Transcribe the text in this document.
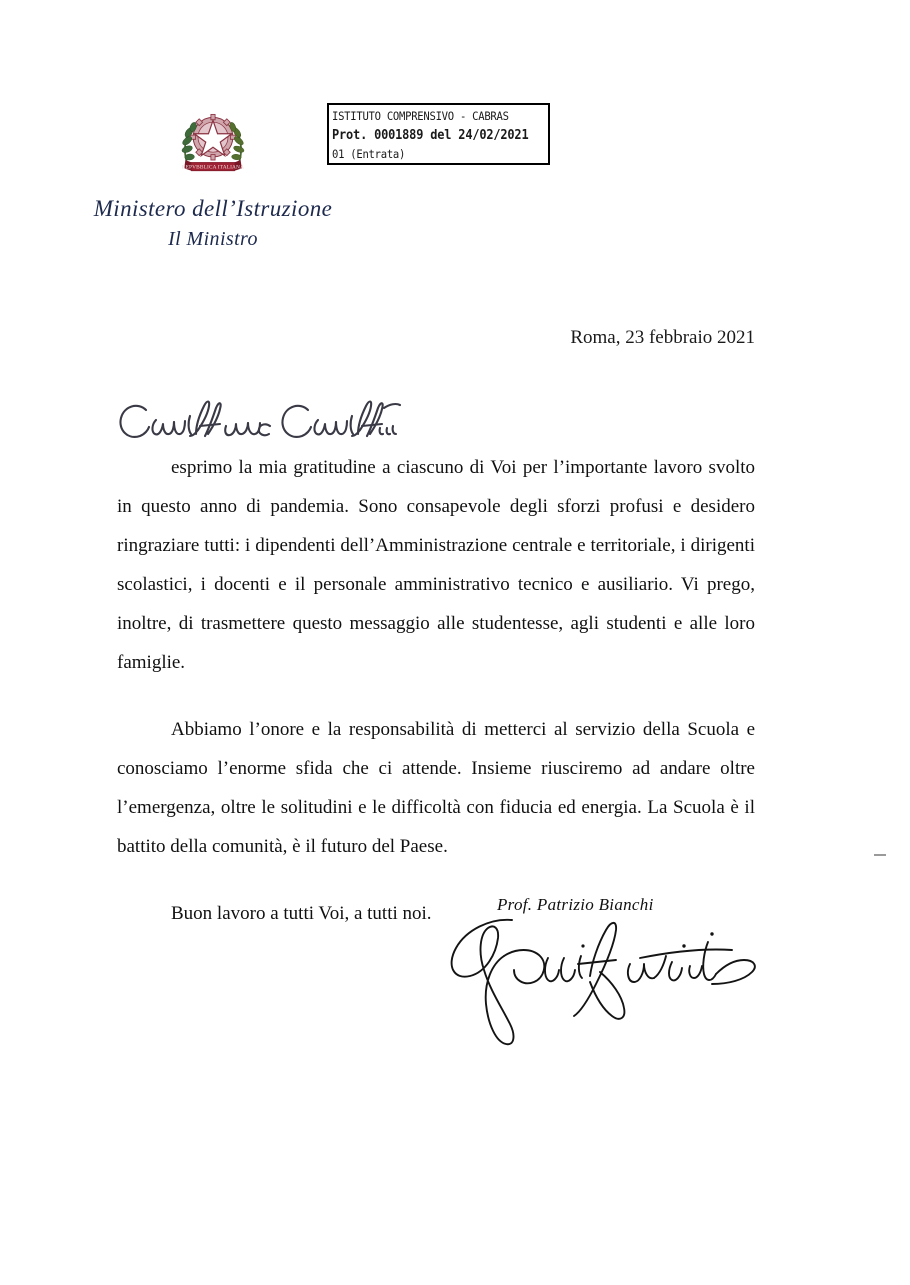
REPVBBLICA ITALIANA
Ministero dell’Istruzione
Il Ministro
ISTITUTO COMPRENSIVO - CABRAS
Prot. 0001889 del 24/02/2021
01 (Entrata)
Roma, 23 febbraio 2021

esprimo la mia gratitudine a ciascuno di Voi per l’importante lavoro svolto in questo anno di pandemia. Sono consapevole degli sforzi profusi e desidero ringraziare tutti: i dipendenti dell’Amministrazione centrale e territoriale, i dirigenti scolastici, i docenti e il personale amministrativo tecnico e ausiliario. Vi prego, inoltre, di trasmettere questo messaggio alle studentesse, agli studenti e alle loro famiglie.

Abbiamo l’onore e la responsabilità di metterci al servizio della Scuola e conosciamo l’enorme sfida che ci attende. Insieme riusciremo ad andare oltre l’emergenza, oltre le solitudini e le difficoltà con fiducia ed energia. La Scuola è il battito della comunità, è il futuro del Paese.

Buon lavoro a tutti Voi, a tutti noi.	Prof. Patrizio Bianchi
